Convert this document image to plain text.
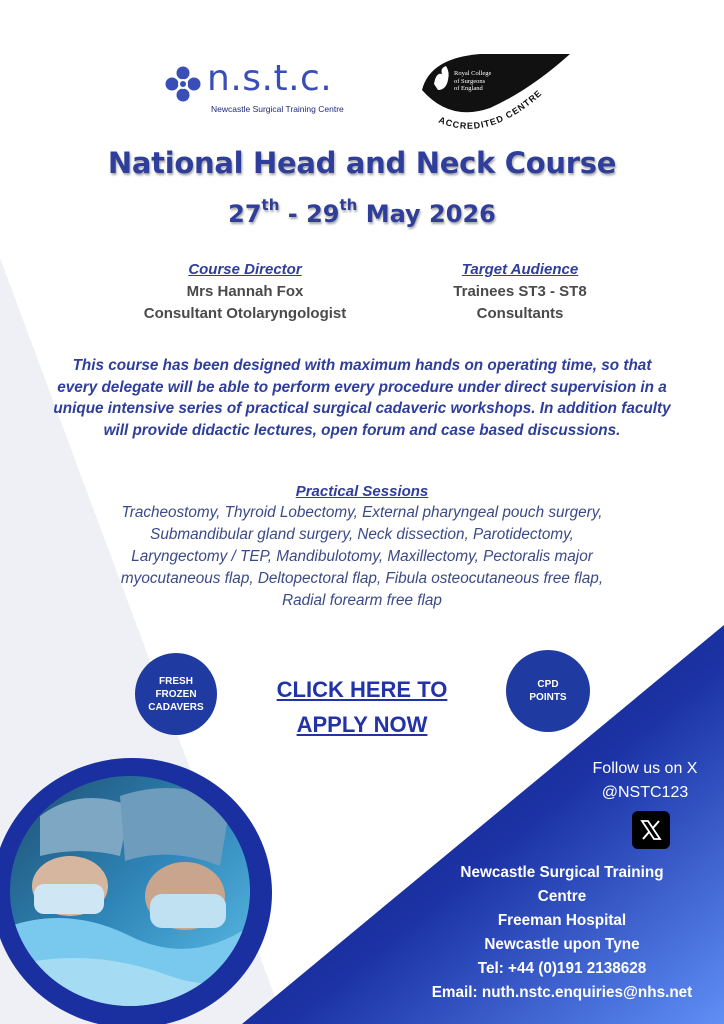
n.s.t.c.
Newcastle Surgical Training Centre
ACCREDITED CENTRE
Royal College
of Surgeons
of England
National Head and Neck Course
27th - 29th May 2026
Course Director
Mrs Hannah Fox
Consultant Otolaryngologist
Target Audience
Trainees ST3 - ST8
Consultants
This course has been designed with maximum hands on operating time, so that every delegate will be able to perform every procedure under direct supervision in a unique intensive series of practical surgical cadaveric workshops. In addition faculty will provide didactic lectures, open forum and case based discussions.
Practical Sessions
Tracheostomy, Thyroid Lobectomy, External pharyngeal pouch surgery, Submandibular gland surgery, Neck dissection, Parotidectomy, Laryngectomy / TEP, Mandibulotomy, Maxillectomy, Pectoralis major myocutaneous flap, Deltopectoral flap, Fibula osteocutaneous free flap, Radial forearm free flap
FRESH
FROZEN
CADAVERS
CPD
POINTS
CLICK HERE TO
APPLY NOW
Follow us on X
@NSTC123
Newcastle Surgical Training
Centre
Freeman Hospital
Newcastle upon Tyne
Tel: +44 (0)191 2138628
Email: nuth.nstc.enquiries@nhs.net
